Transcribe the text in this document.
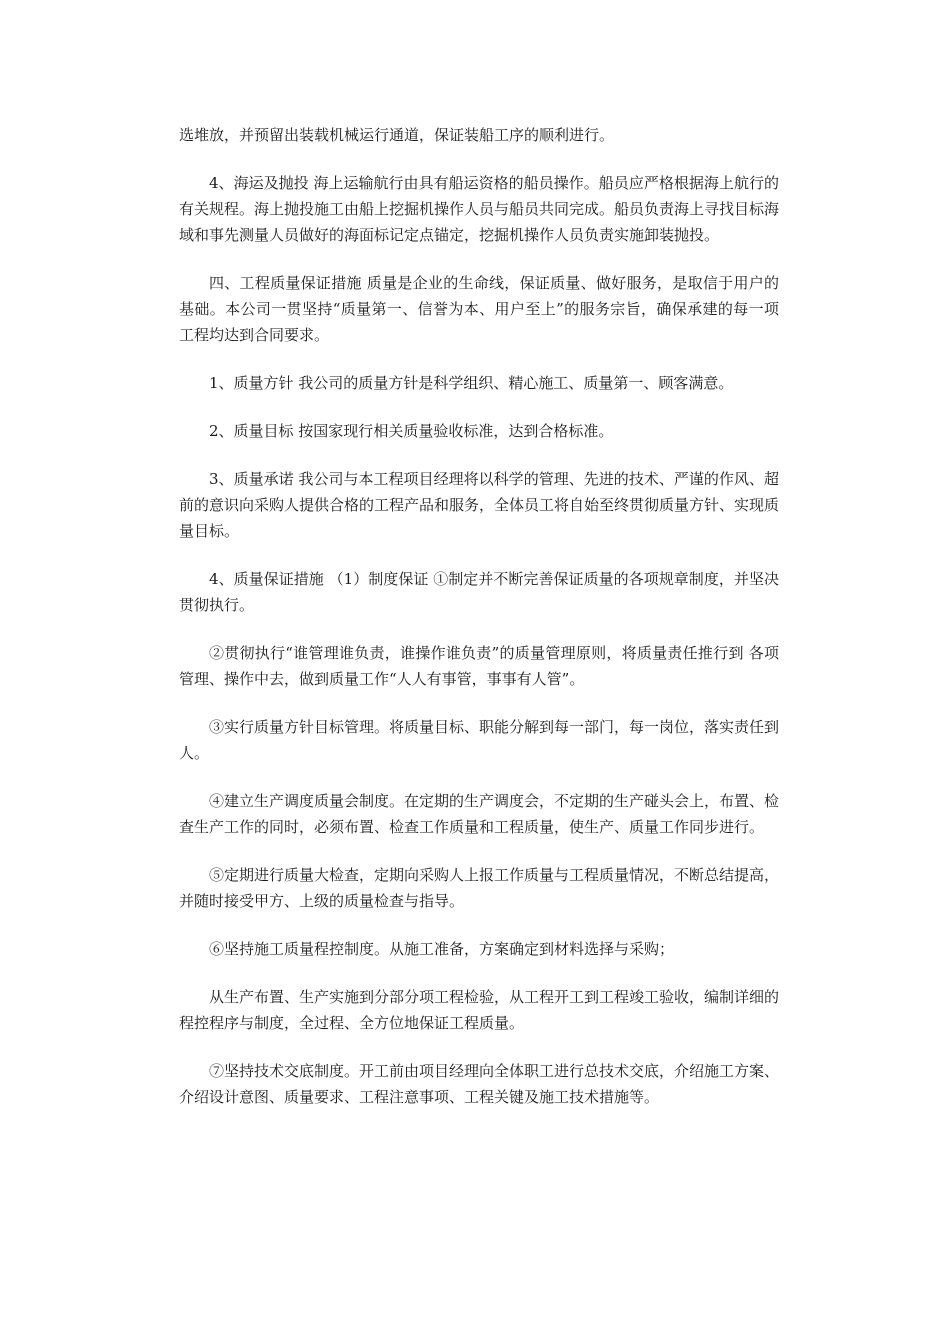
选堆放，并预留出装载机械运行通道，保证装船工序的顺利进行。

4、海运及抛投 海上运输航行由具有船运资格的船员操作。船员应严格根据海上航行的有关规程。海上抛投施工由船上挖掘机操作人员与船员共同完成。船员负责海上寻找目标海域和事先测量人员做好的海面标记定点锚定，挖掘机操作人员负责实施卸装抛投。

四、工程质量保证措施 质量是企业的生命线，保证质量、做好服务，是取信于用户的基础。本公司一贯坚持“质量第一、信誉为本、用户至上”的服务宗旨，确保承建的每一项工程均达到合同要求。

1、质量方针 我公司的质量方针是科学组织、精心施工、质量第一、顾客满意。

2、质量目标 按国家现行相关质量验收标准，达到合格标准。

3、质量承诺 我公司与本工程项目经理将以科学的管理、先进的技术、严谨的作风、超前的意识向采购人提供合格的工程产品和服务，全体员工将自始至终贯彻质量方针、实现质量目标。

4、质量保证措施 （1）制度保证 ①制定并不断完善保证质量的各项规章制度，并坚决贯彻执行。

②贯彻执行“谁管理谁负责，谁操作谁负责”的质量管理原则，将质量责任推行到 各项管理、操作中去，做到质量工作“人人有事管，事事有人管”。

③实行质量方针目标管理。将质量目标、职能分解到每一部门，每一岗位，落实责任到人。

④建立生产调度质量会制度。在定期的生产调度会，不定期的生产碰头会上，布置、检查生产工作的同时，必须布置、检查工作质量和工程质量，使生产、质量工作同步进行。

⑤定期进行质量大检查，定期向采购人上报工作质量与工程质量情况，不断总结提高，并随时接受甲方、上级的质量检查与指导。

⑥坚持施工质量程控制度。从施工准备，方案确定到材料选择与采购；

从生产布置、生产实施到分部分项工程检验，从工程开工到工程竣工验收，编制详细的程控程序与制度，全过程、全方位地保证工程质量。

⑦坚持技术交底制度。开工前由项目经理向全体职工进行总技术交底，介绍施工方案、介绍设计意图、质量要求、工程注意事项、工程关键及施工技术措施等。
